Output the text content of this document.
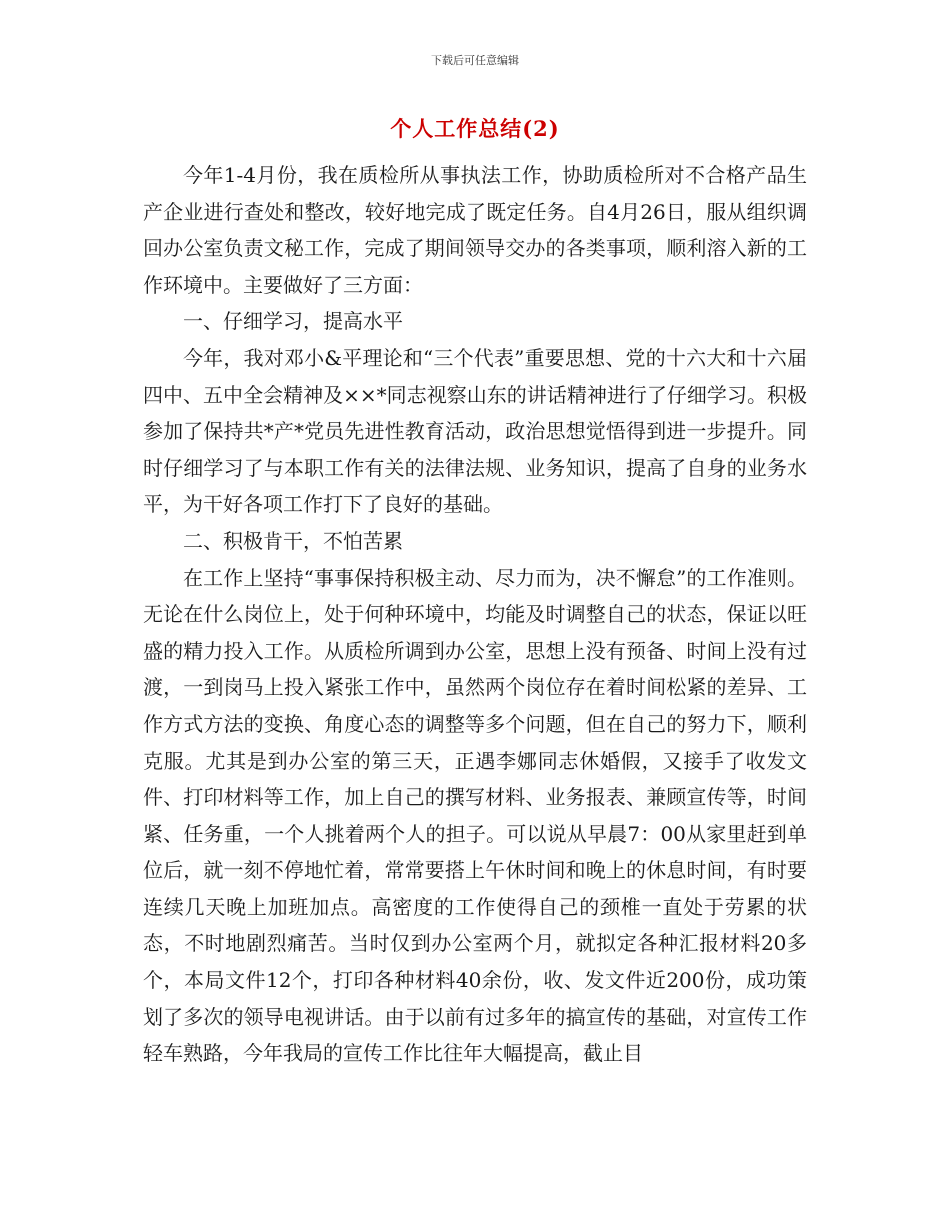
下载后可任意编辑
个人工作总结(2)

今年1-4月份，我在质检所从事执法工作，协助质检所对不合格产品生产企业进行查处和整改，较好地完成了既定任务。自4月26日，服从组织调回办公室负责文秘工作，完成了期间领导交办的各类事项，顺利溶入新的工作环境中。主要做好了三方面：

一、仔细学习，提高水平

今年，我对邓小&平理论和“三个代表”重要思想、党的十六大和十六届四中、五中全会精神及××*同志视察山东的讲话精神进行了仔细学习。积极参加了保持共*产*党员先进性教育活动，政治思想觉悟得到进一步提升。同时仔细学习了与本职工作有关的法律法规、业务知识，提高了自身的业务水平，为干好各项工作打下了良好的基础。

二、积极肯干，不怕苦累

在工作上坚持“事事保持积极主动、尽力而为，决不懈怠”的工作准则。无论在什么岗位上，处于何种环境中，均能及时调整自己的状态，保证以旺盛的精力投入工作。从质检所调到办公室，思想上没有预备、时间上没有过渡，一到岗马上投入紧张工作中，虽然两个岗位存在着时间松紧的差异、工作方式方法的变换、角度心态的调整等多个问题，但在自己的努力下，顺利克服。尤其是到办公室的第三天，正遇李娜同志休婚假，又接手了收发文件、打印材料等工作，加上自己的撰写材料、业务报表、兼顾宣传等，时间紧、任务重，一个人挑着两个人的担子。可以说从早晨7：00从家里赶到单位后，就一刻不停地忙着，常常要搭上午休时间和晚上的休息时间，有时要连续几天晚上加班加点。高密度的工作使得自己的颈椎一直处于劳累的状态，不时地剧烈痛苦。当时仅到办公室两个月，就拟定各种汇报材料20多个，本局文件12个，打印各种材料40余份，收、发文件近200份，成功策划了多次的领导电视讲话。由于以前有过多年的搞宣传的基础，对宣传工作轻车熟路，今年我局的宣传工作比往年大幅提高，截止目
